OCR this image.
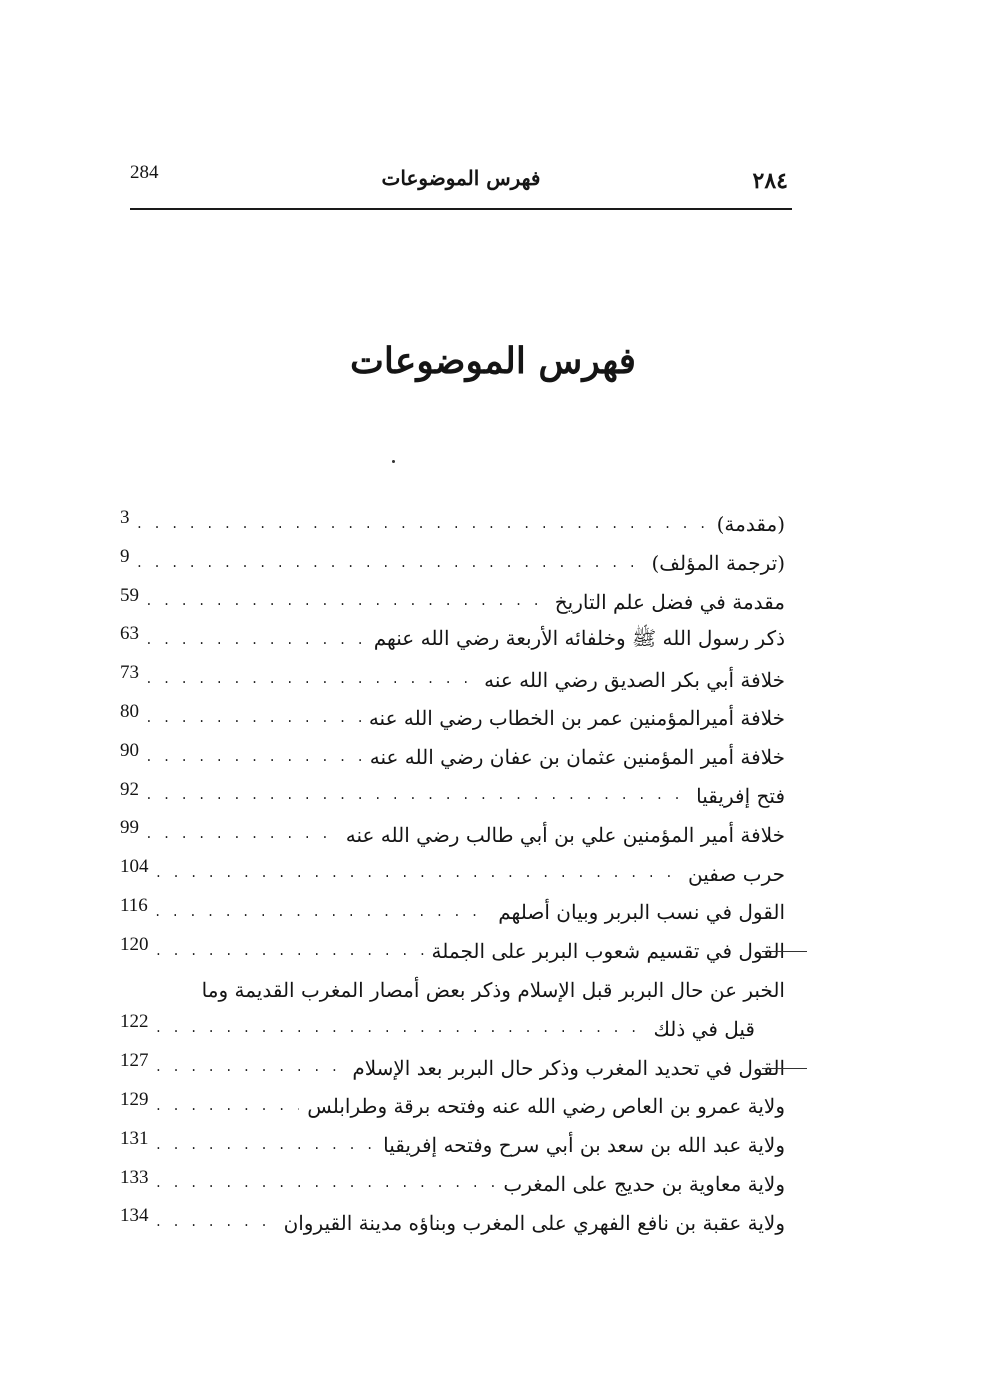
284	فهرس الموضوعات	٢٨٤
فهرس الموضوعات
3 . . .	(مقدمة)
9 . . .	(ترجمة المؤلف)
59 . . .	مقدمة في فضل علم التاريخ
63 . . .	ذكر رسول الله ﷺ وخلفائه الأربعة رضي الله عنهم
73 . . .	خلافة أبي بكر الصديق رضي الله عنه
80 . . .	خلافة أميرالمؤمنين عمر بن الخطاب رضي الله عنه
90 . . .	خلافة أمير المؤمنين عثمان بن عفان رضي الله عنه
92 . . .	فتح إفريقيا
99 . . .	خلافة أمير المؤمنين علي بن أبي طالب رضي الله عنه
104 . . .	حرب صفين
116 . . .	القول في نسب البربر وبيان أصلهم
120 . . .	القول في تقسيم شعوب البربر على الجملة
الخبر عن حال البربر قبل الإسلام وذكر بعض أمصار المغرب القديمة وما
122 . . .	قيل في ذلك
127 . . .	القول في تحديد المغرب وذكر حال البربر بعد الإسلام
129 . . .	ولاية عمرو بن العاص رضي الله عنه وفتحه برقة وطرابلس
131 . . .	ولاية عبد الله بن سعد بن أبي سرح وفتحه إفريقيا
133 . . .	ولاية معاوية بن حديج على المغرب
134 . . .	ولاية عقبة بن نافع الفهري على المغرب وبناؤه مدينة القيروان
